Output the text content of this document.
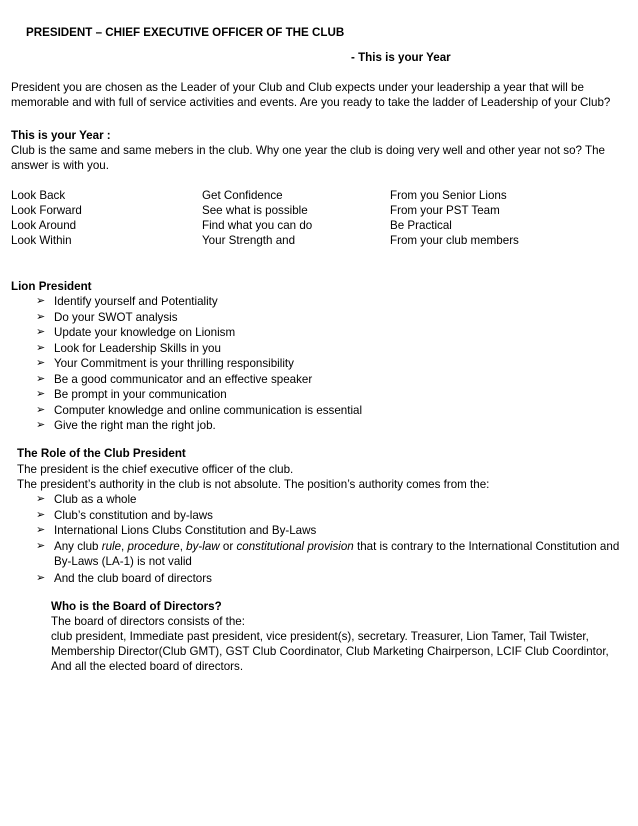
PRESIDENT – CHIEF EXECUTIVE OFFICER OF THE CLUB
- This is your Year
President you are chosen as the Leader of your Club and Club expects under your leadership a year that will be memorable and with full of service activities and events. Are you ready to take the ladder of Leadership of your Club?
This is your Year :
Club is the same and same mebers in the club. Why one year the club is doing very well and other year not so? The answer is with you.
Look Back
Look Forward
Look Around
Look Within
Get Confidence
See what is possible
Find what you can do
Your Strength and
From you Senior Lions
From your PST Team
Be Practical
From your club members
Lion President
➢ Identify yourself and Potentiality
➢ Do your SWOT analysis
➢ Update your knowledge on Lionism
➢ Look for Leadership Skills in you
➢ Your Commitment is your thrilling responsibility
➢ Be a good communicator and an effective speaker
➢ Be prompt in your communication
➢ Computer knowledge and online communication is essential
➢ Give the right man the right job.
The Role of the Club President
The president is the chief executive officer of the club.
The president’s authority in the club is not absolute. The position’s authority comes from the:
➢ Club as a whole
➢ Club’s constitution and by-laws
➢ International Lions Clubs Constitution and By-Laws
➢ Any club rule, procedure, by-law or constitutional provision that is contrary to the International Constitution and By-Laws (LA-1) is not valid
➢ And the club board of directors
Who is the Board of Directors?
The board of directors consists of the:
club president, Immediate past president, vice president(s), secretary. Treasurer, Lion Tamer, Tail Twister,
Membership Director(Club GMT), GST Club Coordinator, Club Marketing Chairperson, LCIF Club Coordintor,
And all the elected board of directors.
